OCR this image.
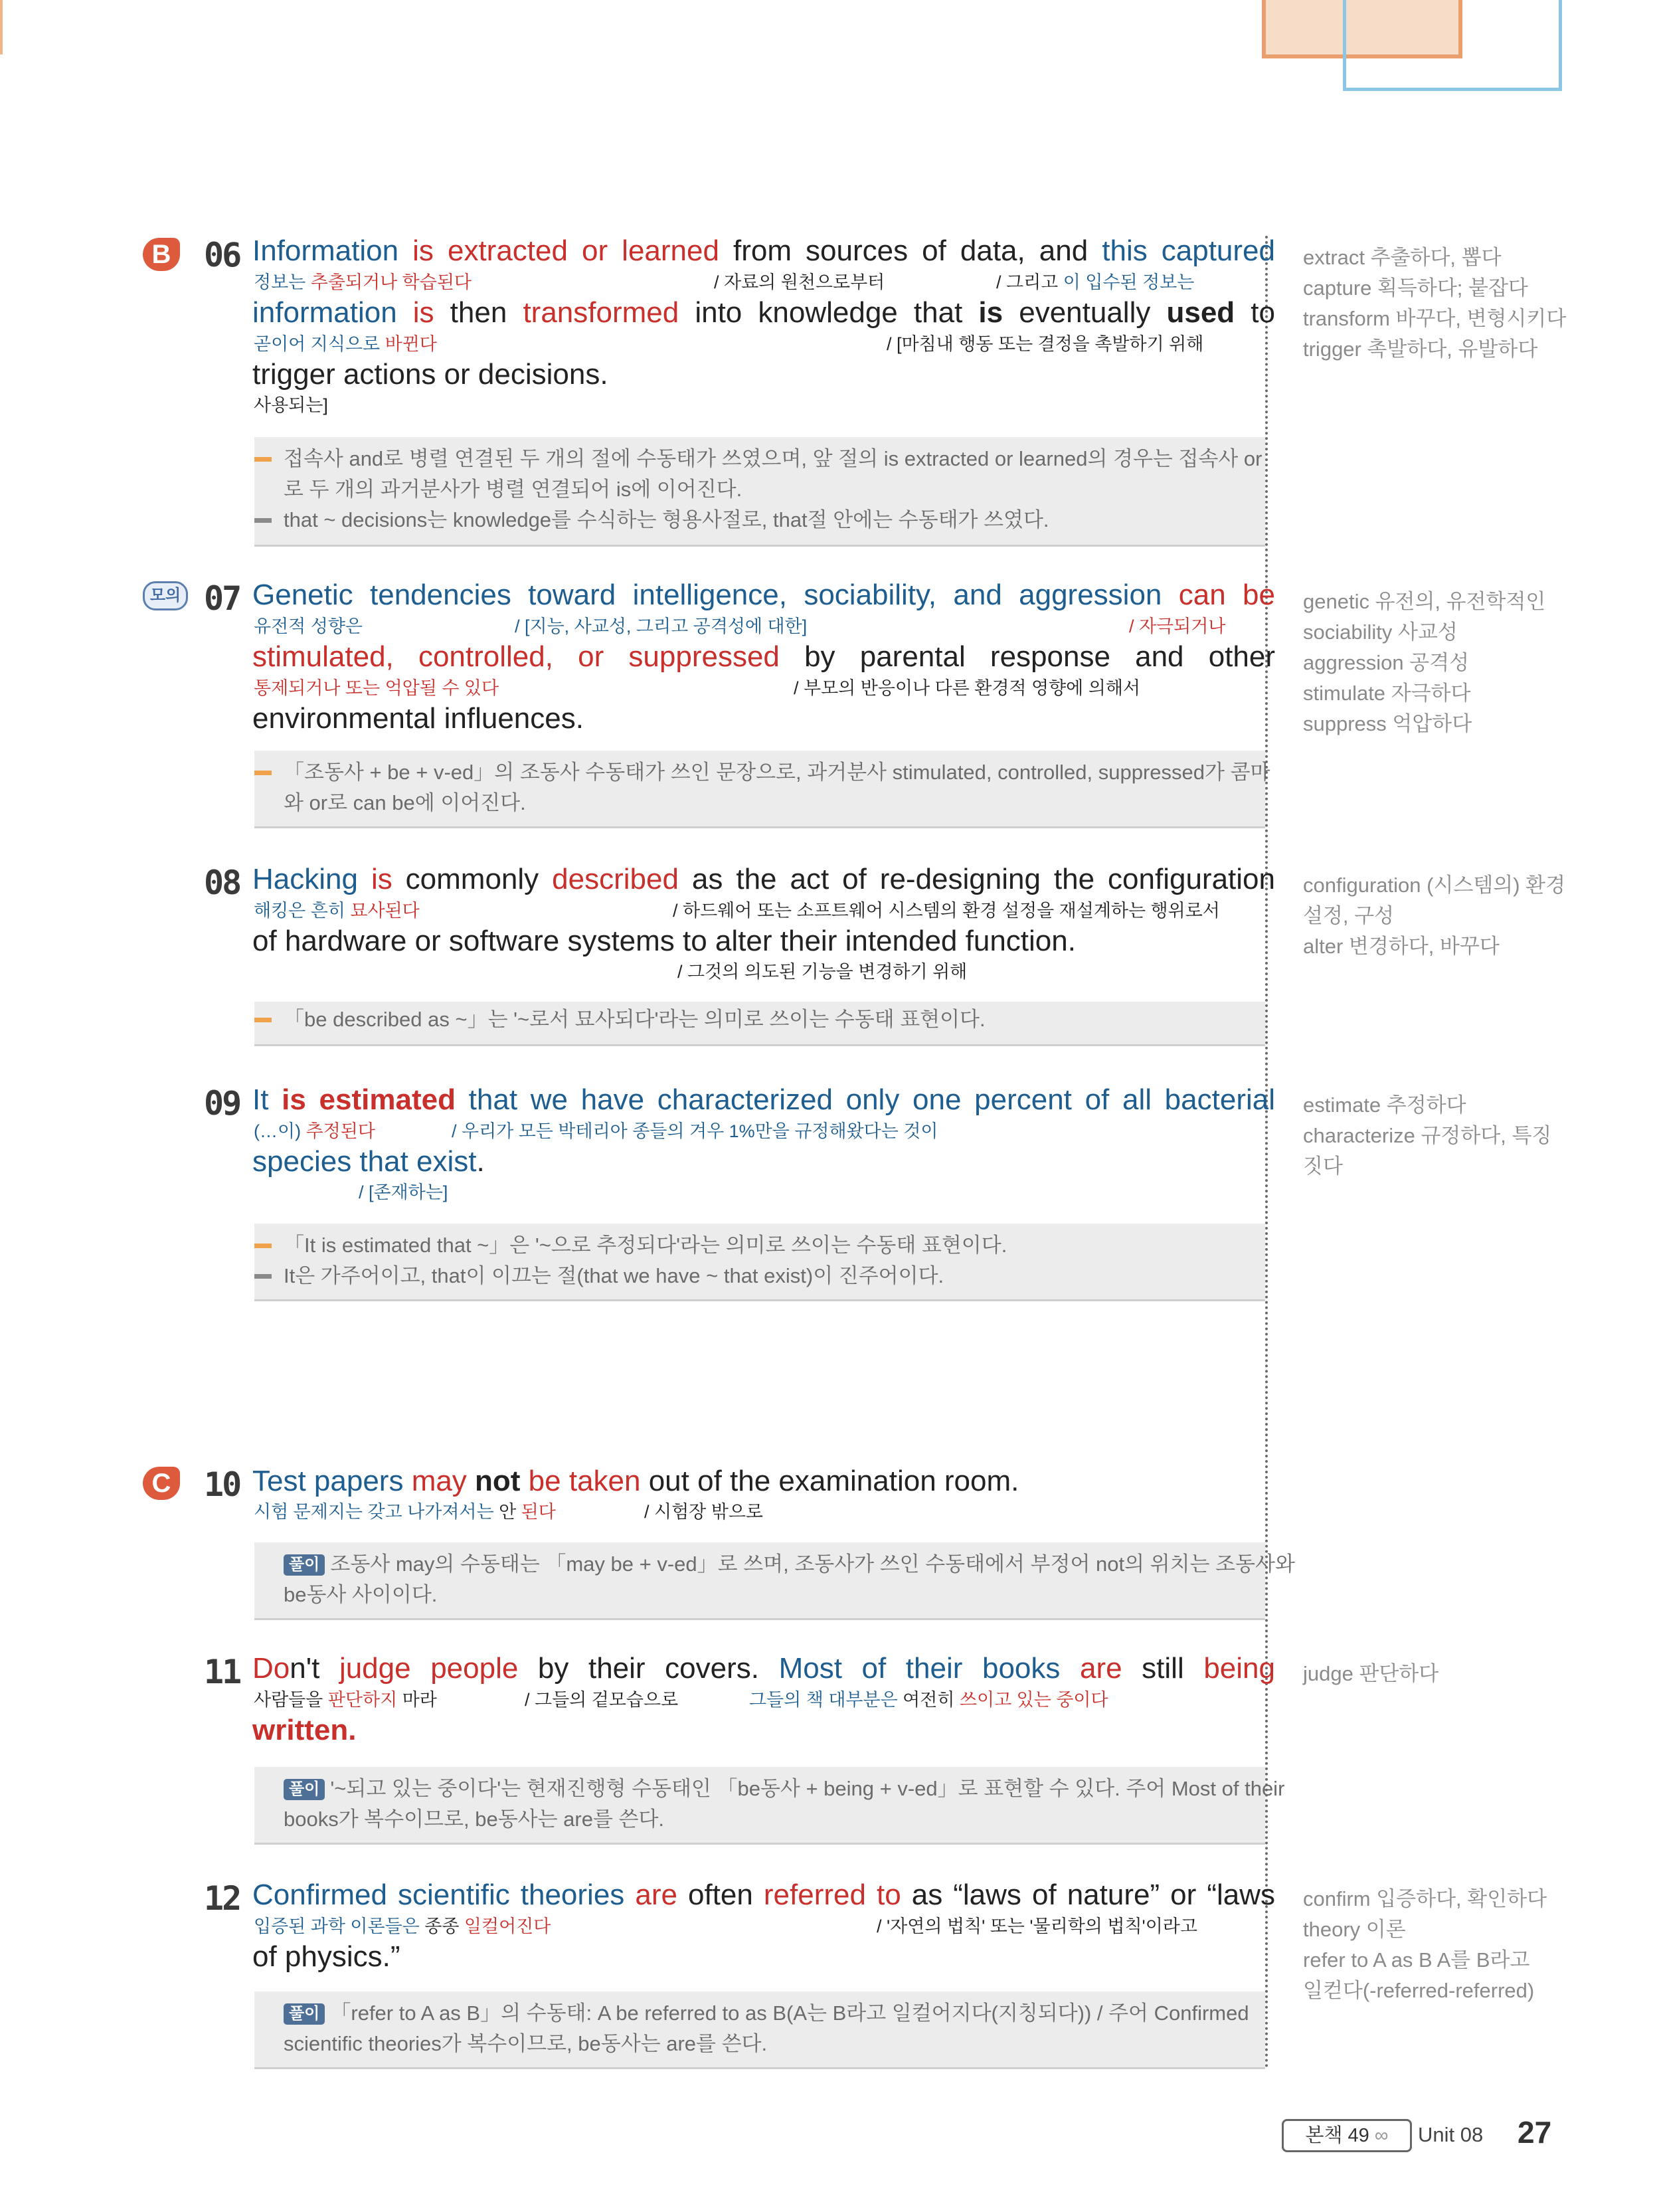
B
C
모의
06 Information is extracted or learned from sources of data, and this captured
정보는 추출되거나 학습된다	/ 자료의 원천으로부터	/ 그리고 이 입수된 정보는
information is then transformed into knowledge that is eventually used to
곧이어 지식으로 바뀐다	/ [마침내 행동 또는 결정을 촉발하기 위해
trigger actions or decisions.
사용되는]
접속사 and로 병렬 연결된 두 개의 절에 수동태가 쓰였으며, 앞 절의 is extracted or learned의 경우는 접속사 or
로 두 개의 과거분사가 병렬 연결되어 is에 이어진다.
that ~ decisions는 knowledge를 수식하는 형용사절로, that절 안에는 수동태가 쓰였다.
07 Genetic tendencies toward intelligence, sociability, and aggression can be
유전적 성향은	/ [지능, 사교성, 그리고 공격성에 대한]	/ 자극되거나
stimulated, controlled, or suppressed by parental response and other
통제되거나 또는 억압될 수 있다	/ 부모의 반응이나 다른 환경적 영향에 의해서
environmental influences.
「조동사 + be + v-ed」의 조동사 수동태가 쓰인 문장으로, 과거분사 stimulated, controlled, suppressed가 콤마
와 or로 can be에 이어진다.
08 Hacking is commonly described as the act of re-designing the configuration
해킹은 흔히 묘사된다	/ 하드웨어 또는 소프트웨어 시스템의 환경 설정을 재설계하는 행위로서
of hardware or software systems to alter their intended function.
/ 그것의 의도된 기능을 변경하기 위해
「be described as ~」는 '~로서 묘사되다'라는 의미로 쓰이는 수동태 표현이다.
09 It is estimated that we have characterized only one percent of all bacterial
(…이) 추정된다	/ 우리가 모든 박테리아 종들의 겨우 1%만을 규정해왔다는 것이
species that exist.
/ [존재하는]
「It is estimated that ~」은 '~으로 추정되다'라는 의미로 쓰이는 수동태 표현이다.
It은 가주어이고, that이 이끄는 절(that we have ~ that exist)이 진주어이다.
10 Test papers may not be taken out of the examination room.
시험 문제지는 갖고 나가져서는 안 된다	/ 시험장 밖으로
풀이 조동사 may의 수동태는 「may be + v-ed」로 쓰며, 조동사가 쓰인 수동태에서 부정어 not의 위치는 조동사와
be동사 사이이다.
11 Don't judge people by their covers. Most of their books are still being
사람들을 판단하지 마라	/ 그들의 겉모습으로	그들의 책 대부분은 여전히 쓰이고 있는 중이다
written.
풀이 '~되고 있는 중이다'는 현재진행형 수동태인 「be동사 + being + v-ed」로 표현할 수 있다. 주어 Most of their
books가 복수이므로, be동사는 are를 쓴다.
12 Confirmed scientific theories are often referred to as “laws of nature” or “laws
입증된 과학 이론들은 종종 일컬어진다	/ '자연의 법칙' 또는 '물리학의 법칙'이라고
of physics.”
풀이 「refer to A as B」의 수동태: A be referred to as B(A는 B라고 일컬어지다(지칭되다)) / 주어 Confirmed
scientific theories가 복수이므로, be동사는 are를 쓴다.
extract 추출하다, 뽑다
capture 획득하다; 붙잡다
transform 바꾸다, 변형시키다
trigger 촉발하다, 유발하다
genetic 유전의, 유전학적인
sociability 사교성
aggression 공격성
stimulate 자극하다
suppress 억압하다
configuration (시스템의) 환경
설정, 구성
alter 변경하다, 바꾸다
estimate 추정하다
characterize 규정하다, 특징
짓다
judge 판단하다
confirm 입증하다, 확인하다
theory 이론
refer to A as B A를 B라고
일컫다(-referred-referred)
본책 49 ∞	Unit 08 27
